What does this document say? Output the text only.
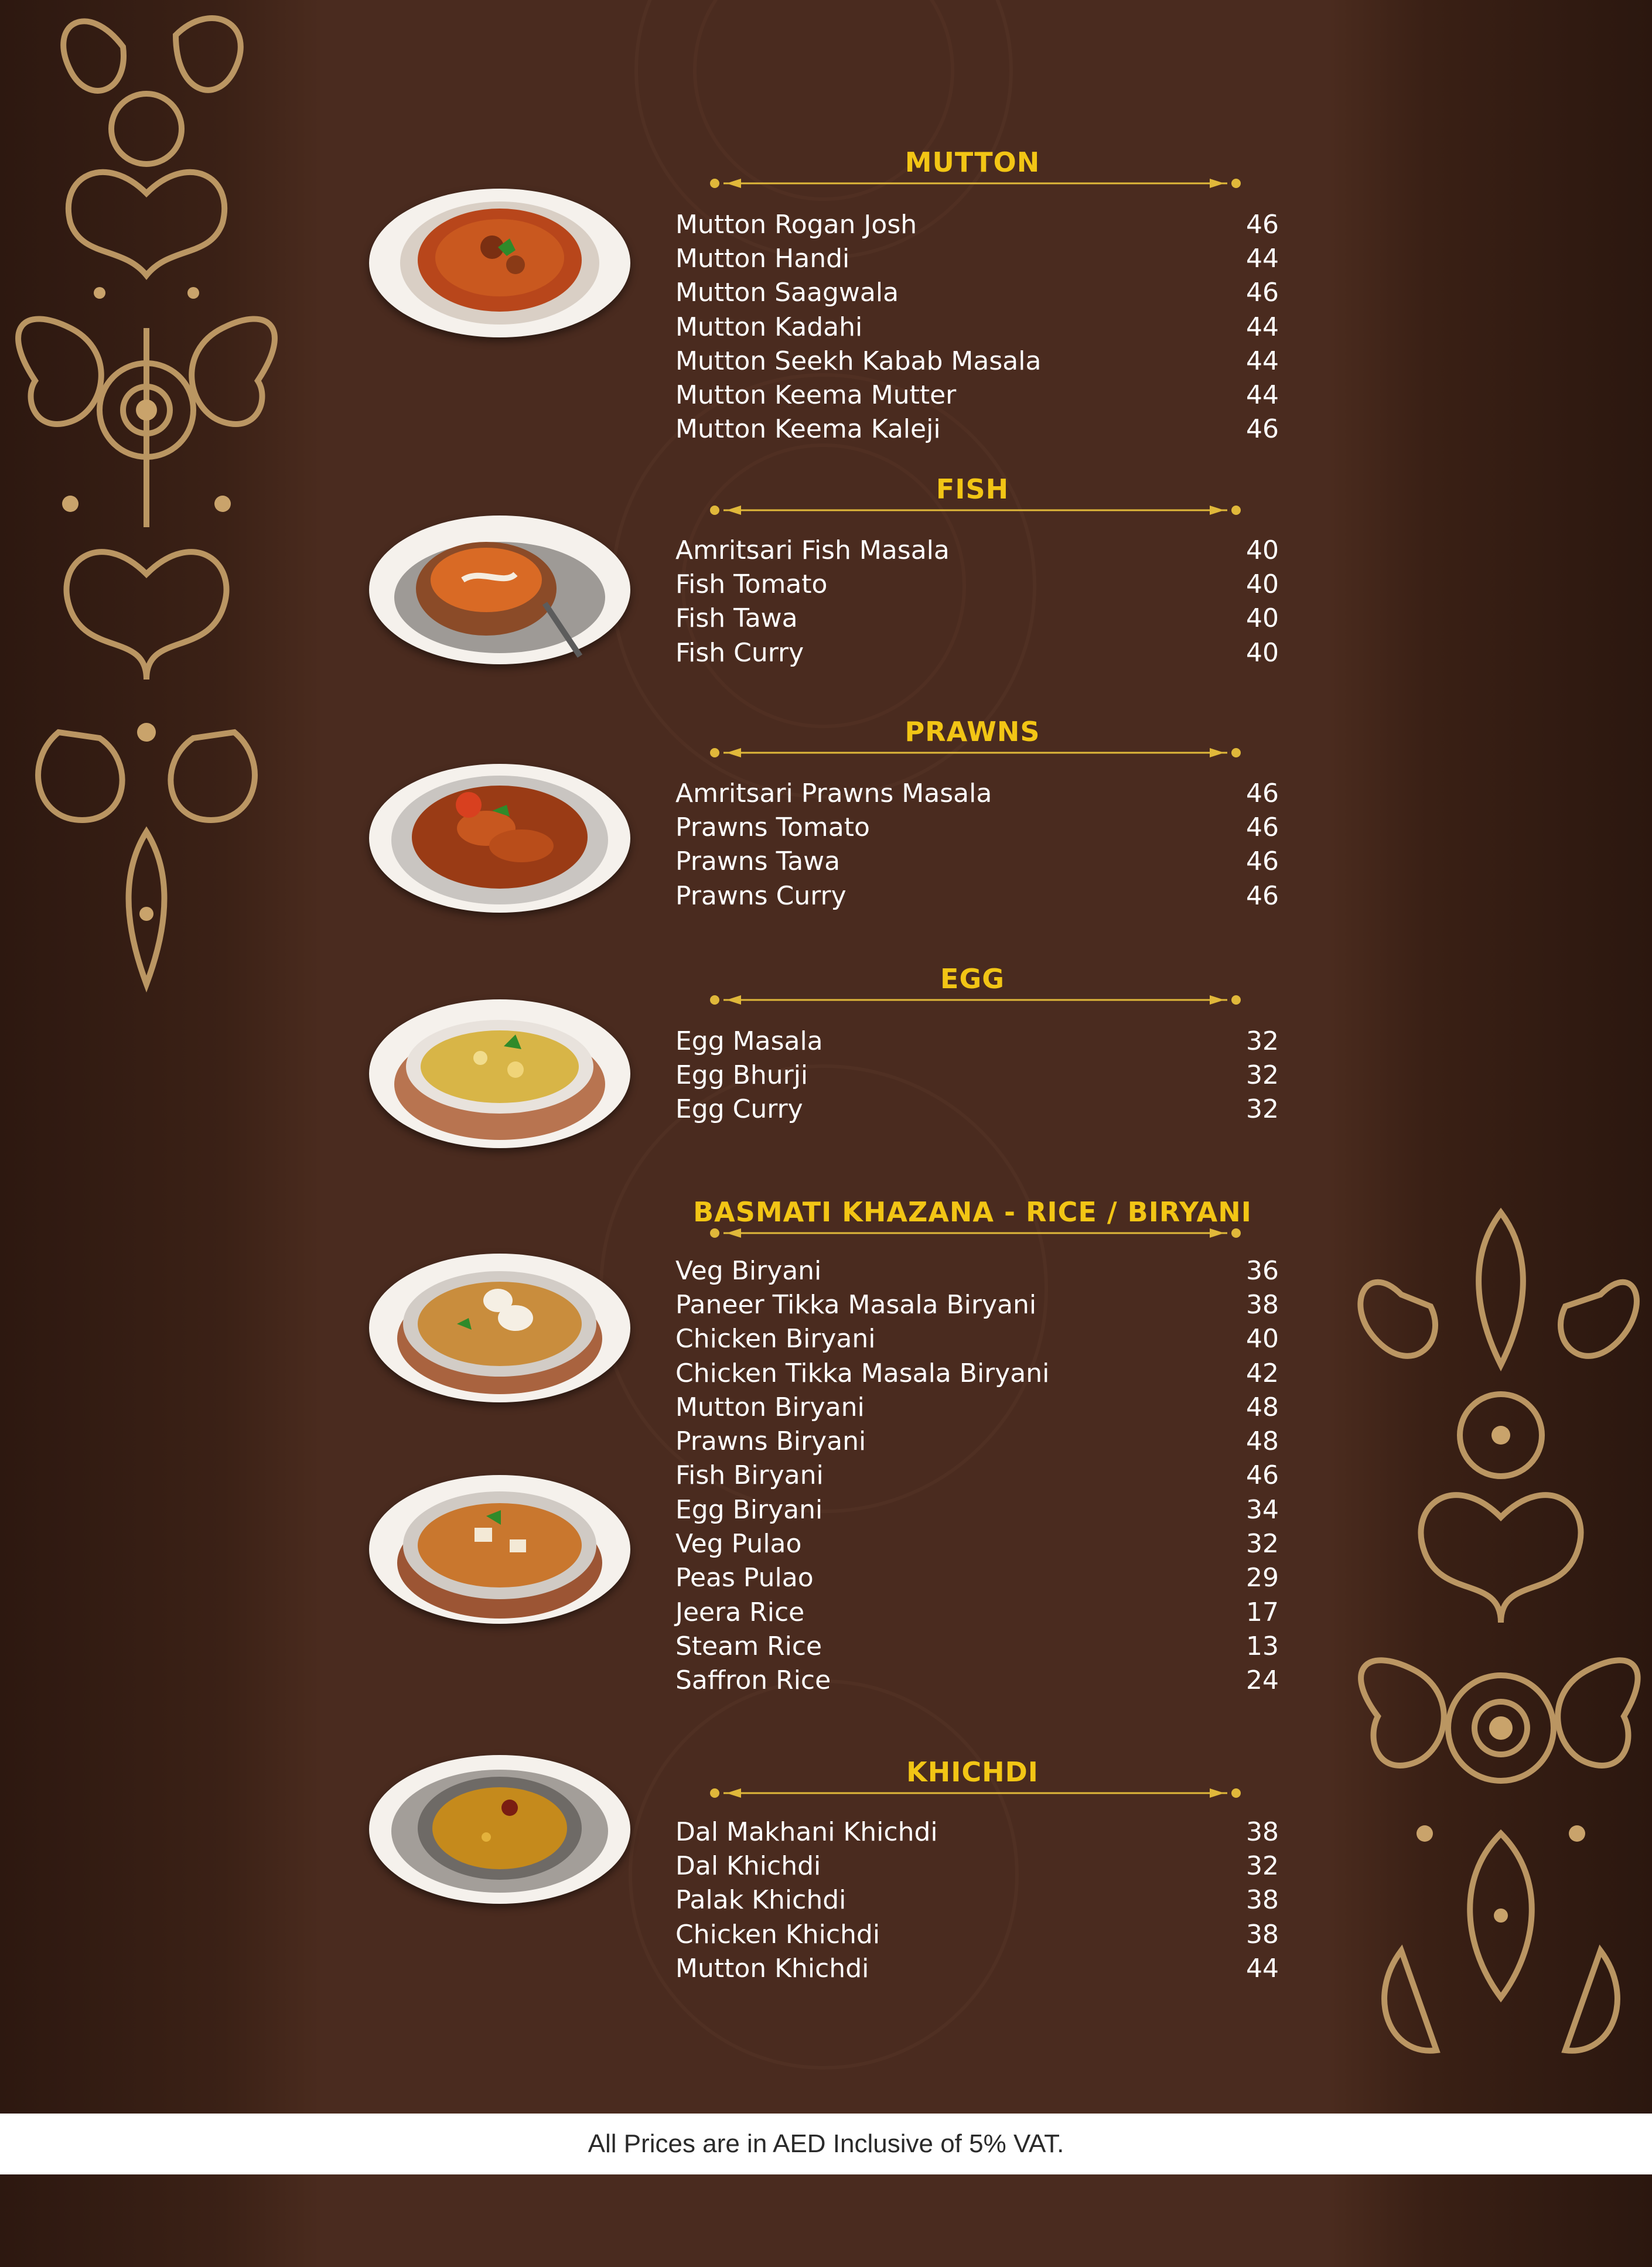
MUTTON
Mutton Rogan Josh	46
Mutton Handi	44
Mutton Saagwala	46
Mutton Kadahi	44
Mutton Seekh Kabab Masala	44
Mutton Keema Mutter	44
Mutton Keema Kaleji	46
FISH
Amritsari Fish Masala	40
Fish Tomato	40
Fish Tawa	40
Fish Curry	40
PRAWNS
Amritsari Prawns Masala	46
Prawns Tomato	46
Prawns Tawa	46
Prawns Curry	46
EGG
Egg Masala	32
Egg Bhurji	32
Egg Curry	32
BASMATI KHAZANA - RICE / BIRYANI
Veg Biryani	36
Paneer Tikka Masala Biryani	38
Chicken Biryani	40
Chicken Tikka Masala Biryani	42
Mutton Biryani	48
Prawns Biryani	48
Fish Biryani	46
Egg Biryani	34
Veg Pulao	32
Peas Pulao	29
Jeera Rice	17
Steam Rice	13
Saffron Rice	24
KHICHDI
Dal Makhani Khichdi	38
Dal Khichdi	32
Palak Khichdi	38
Chicken Khichdi	38
Mutton Khichdi	44
All Prices are in AED Inclusive of 5% VAT.
